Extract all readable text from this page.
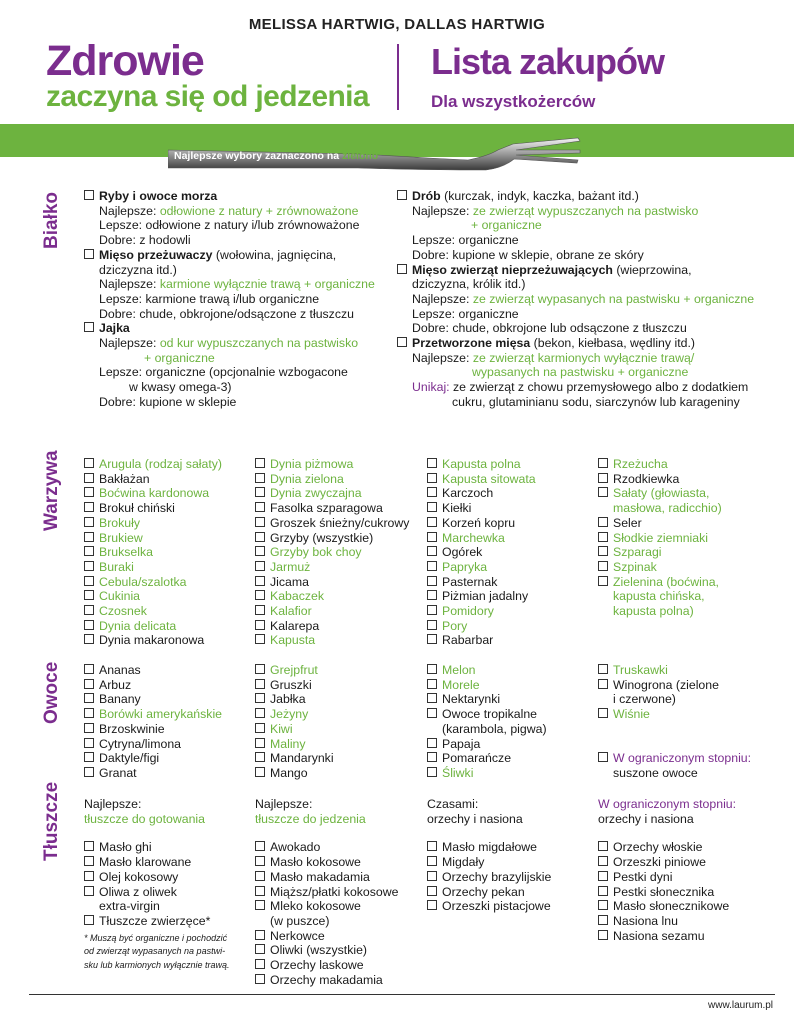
MELISSA HARTWIG, DALLAS HARTWIG
Zdrowie
zaczyna się od jedzenia
Lista zakupów
Dla wszystkożerców
Najlepsze wybory zaznaczono na zielono
Białko	Ryby i owoce morza
Najlepsze: odłowione z natury + zrównoważone
Lepsze: odłowione z natury i/lub zrównoważone
Dobre: z hodowli
Mięso przeżuwaczy (wołowina, jagnięcina,
dziczyzna itd.)
Najlepsze: karmione wyłącznie trawą + organiczne
Lepsze: karmione trawą i/lub organiczne
Dobre: chude, obkrojone/odsączone z tłuszczu
Jajka
Najlepsze: od kur wypuszczanych na pastwisko
+ organiczne
Lepsze: organiczne (opcjonalnie wzbogacone
w kwasy omega-3)
Dobre: kupione w sklepie
Drób (kurczak, indyk, kaczka, bażant itd.)
Najlepsze: ze zwierząt wypuszczanych na pastwisko
+ organiczne
Lepsze: organiczne
Dobre: kupione w sklepie, obrane ze skóry
Mięso zwierząt nieprzeżuwających (wieprzowina,
dziczyzna, królik itd.)
Najlepsze: ze zwierząt wypasanych na pastwisku + organiczne
Lepsze: organiczne
Dobre: chude, obkrojone lub odsączone z tłuszczu
Przetworzone mięsa (bekon, kiełbasa, wędliny itd.)
Najlepsze: ze zwierząt karmionych wyłącznie trawą/
wypasanych na pastwisku + organiczne
Unikaj: ze zwierząt z chowu przemysłowego albo z dodatkiem
cukru, glutaminianu sodu, siarczynów lub karageniny
Warzywa	Arugula (rodzaj sałaty)
Bakłażan
Boćwina kardonowa
Brokuł chiński
Brokuły
Brukiew
Brukselka
Buraki
Cebula/szalotka
Cukinia
Czosnek
Dynia delicata
Dynia makaronowa
Dynia piżmowa
Dynia zielona
Dynia zwyczajna
Fasolka szparagowa
Groszek śnieżny/cukrowy
Grzyby (wszystkie)
Grzyby bok choy
Jarmuż
Jicama
Kabaczek
Kalafior
Kalarepa
Kapusta
Kapusta polna
Kapusta sitowata
Karczoch
Kiełki
Korzeń kopru
Marchewka
Ogórek
Papryka
Pasternak
Piżmian jadalny
Pomidory
Pory
Rabarbar
Rzeżucha
Rzodkiewka
Sałaty (głowiasta,
masłowa, radicchio)
Seler
Słodkie ziemniaki
Szparagi
Szpinak
Zielenina (boćwina,
kapusta chińska,
kapusta polna)
Owoce	Ananas
Arbuz
Banany
Borówki amerykańskie
Brzoskwinie
Cytryna/limona
Daktyle/figi
Granat
Grejpfrut
Gruszki
Jabłka
Jeżyny
Kiwi
Maliny
Mandarynki
Mango
Melon
Morele
Nektarynki
Owoce tropikalne
(karambola, pigwa)
Papaja
Pomarańcze
Śliwki
Truskawki
Winogrona (zielone
i czerwone)
Wiśnie
W ograniczonym stopniu:
suszone owoce
Tłuszcze Najlepsze:
tłuszcze do gotowania
Masło ghi
Masło klarowane
Olej kokosowy
Oliwa z oliwek
extra-virgin
Tłuszcze zwierzęce*
* Muszą być organiczne i pochodzić
od zwierząt wypasanych na pastwi-
sku lub karmionych wyłącznie trawą.
Najlepsze:
tłuszcze do jedzenia
Awokado
Masło kokosowe
Masło makadamia
Miąższ/płatki kokosowe
Mleko kokosowe
(w puszce)
Nerkowce
Oliwki (wszystkie)
Orzechy laskowe
Orzechy makadamia
Czasami:
orzechy i nasiona
Masło migdałowe
Migdały
Orzechy brazylijskie
Orzechy pekan
Orzeszki pistacjowe
W ograniczonym stopniu:
orzechy i nasiona
Orzechy włoskie
Orzeszki piniowe
Pestki dyni
Pestki słonecznika
Masło słonecznikowe
Nasiona lnu
Nasiona sezamu
www.laurum.pl
